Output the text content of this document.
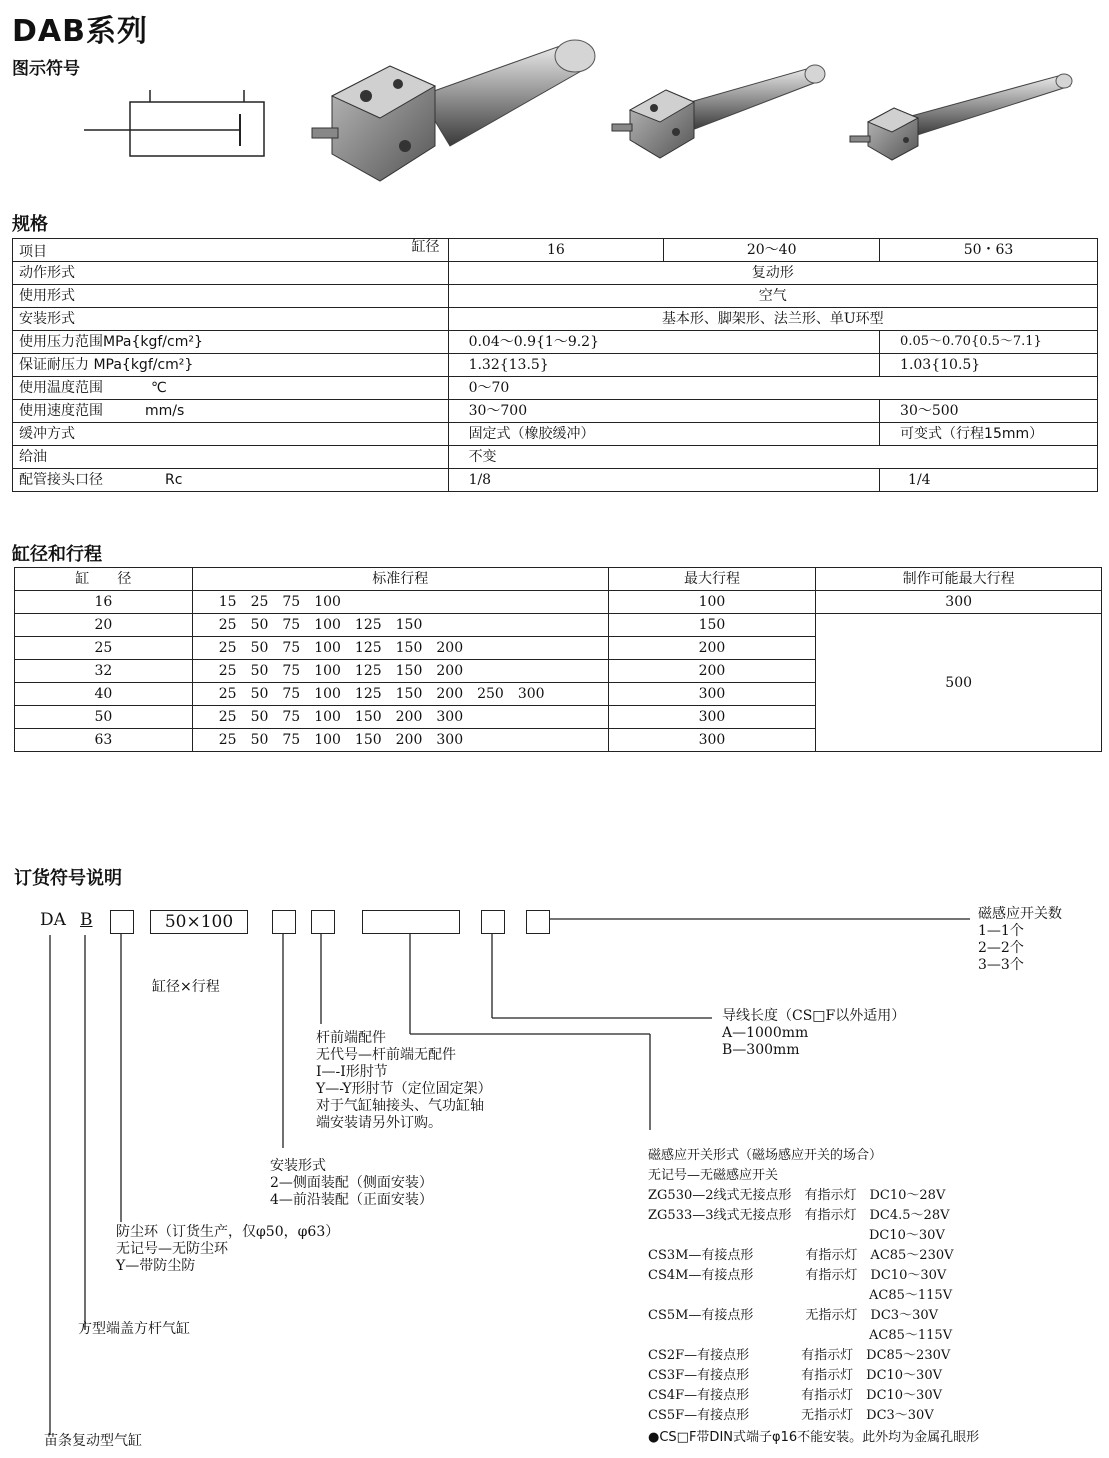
DAB系列
图示符号
规格
项目 缸径	16	20～40	50・63
动作形式	复动形		
使用形式	空气		
安装形式	基本形、脚架形、法兰形、单U环型		
使用压力范围MPa{kgf/cm²}	0.04～0.9{1～9.2}		0.05～0.70{0.5～7.1}
保证耐压力 MPa{kgf/cm²}	1.32{13.5}		1.03{10.5}
使用温度范围 ℃	0～70		
使用速度范围 mm/s	30～700		30～500
缓冲方式	固定式（橡胶缓冲）		可变式（行程15mm）
给油	不变		
配管接头口径 Rc	1/8		1/4
缸径和行程
缸　　径	标准行程	最大行程	制作可能最大行程
16	15　25　75　100	100	300
20	25　50　75　100　125　150	150	500
25	25　50　75　100　125　150　200	200	
32	25　50　75　100　125　150　200	200	
40	25　50　75　100　125　150　200　250　300	300	
50	25　50　75　100　150　200　300	300	
63	25　50　75　100　150　200　300	300	
订货符号说明
DA B	50×100
缸径×行程
磁感应开关数
1—1个
2—2个
3—3个
导线长度（CS□F以外适用）
A—1000mm
B—300mm
杆前端配件
无代号—杆前端无配件
I—-I形肘节
Y—-Y形肘节（定位固定架）
对于气缸轴接头、气功缸轴
端安装请另外订购。
安装形式
2—侧面装配（侧面安装）
4—前沿装配（正面安装）
防尘环（订货生产，仅φ50，φ63）
无记号—无防尘环
Y—带防尘防
方型端盖方杆气缸
苗条复动型气缸
磁感应开关形式（磁场感应开关的场合）
无记号—无磁感应开关
ZG530—2线式无接点形　有指示灯　DC10～28V
ZG533—3线式无接点形　有指示灯　DC4.5～28V
　　　　　　　　　　　　　　　　　DC10～30V
CS3M—有接点形　　　　有指示灯　AC85～230V
CS4M—有接点形　　　　有指示灯　DC10～30V
　　　　　　　　　　　　　　　　　AC85～115V
CS5M—有接点形　　　　无指示灯　DC3～30V
　　　　　　　　　　　　　　　　　AC85～115V
CS2F—有接点形　　　　有指示灯　DC85～230V
CS3F—有接点形　　　　有指示灯　DC10～30V
CS4F—有接点形　　　　有指示灯　DC10～30V
CS5F—有接点形　　　　无指示灯　DC3～30V
●CS□F带DIN式端子φ16不能安装。此外均为金属孔眼形
